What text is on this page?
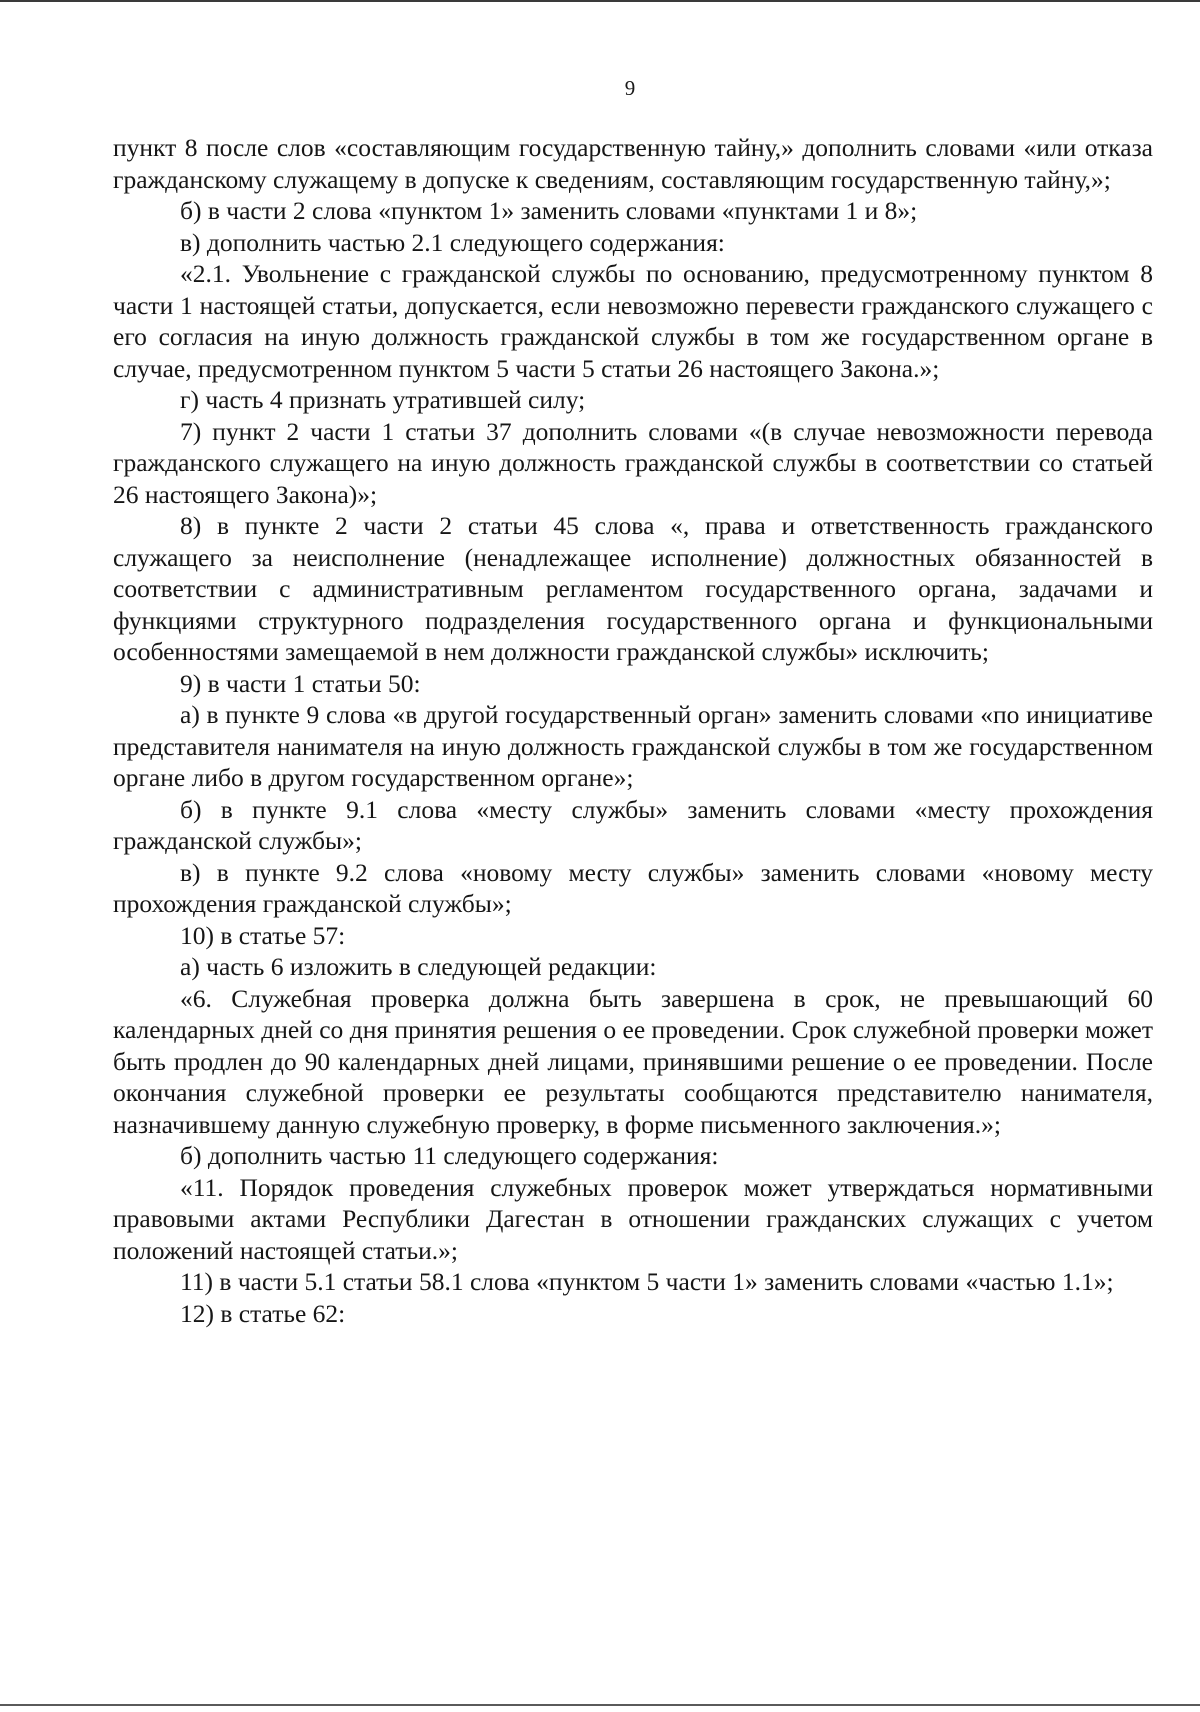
9

пункт 8 после слов «составляющим государственную тайну,» дополнить словами «или отказа гражданскому служащему в допуске к сведениям, составляющим государственную тайну,»;

б) в части 2 слова «пунктом 1» заменить словами «пунктами 1 и 8»;

в) дополнить частью 2.1 следующего содержания:

«2.1. Увольнение с гражданской службы по основанию, предусмотренному пунктом 8 части 1 настоящей статьи, допускается, если невозможно перевести гражданского служащего с его согласия на иную должность гражданской службы в том же государственном органе в случае, предусмотренном пунктом 5 части 5 статьи 26 настоящего Закона.»;

г) часть 4 признать утратившей силу;

7) пункт 2 части 1 статьи 37 дополнить словами «(в случае невозможности перевода гражданского служащего на иную должность гражданской службы в соответствии со статьей 26 настоящего Закона)»;

8) в пункте 2 части 2 статьи 45 слова «, права и ответственность гражданского служащего за неисполнение (ненадлежащее исполнение) должностных обязанностей в соответствии с административным регламентом государственного органа, задачами и функциями структурного подразделения государственного органа и функциональными особенностями замещаемой в нем должности гражданской службы» исключить;

9) в части 1 статьи 50:

а) в пункте 9 слова «в другой государственный орган» заменить словами «по инициативе представителя нанимателя на иную должность гражданской службы в том же государственном органе либо в другом государственном органе»;

б) в пункте 9.1 слова «месту службы» заменить словами «месту прохождения гражданской службы»;

в) в пункте 9.2 слова «новому месту службы» заменить словами «новому месту прохождения гражданской службы»;

10) в статье 57:

а) часть 6 изложить в следующей редакции:

«6. Служебная проверка должна быть завершена в срок, не превышающий 60 календарных дней со дня принятия решения о ее проведении. Срок служебной проверки может быть продлен до 90 календарных дней лицами, принявшими решение о ее проведении. После окончания служебной проверки ее результаты сообщаются представителю нанимателя, назначившему данную служебную проверку, в форме письменного заключения.»;

б) дополнить частью 11 следующего содержания:

«11. Порядок проведения служебных проверок может утверждаться нормативными правовыми актами Республики Дагестан в отношении гражданских служащих с учетом положений настоящей статьи.»;

11) в части 5.1 статьи 58.1 слова «пунктом 5 части 1» заменить словами «частью 1.1»;

12) в статье 62:
